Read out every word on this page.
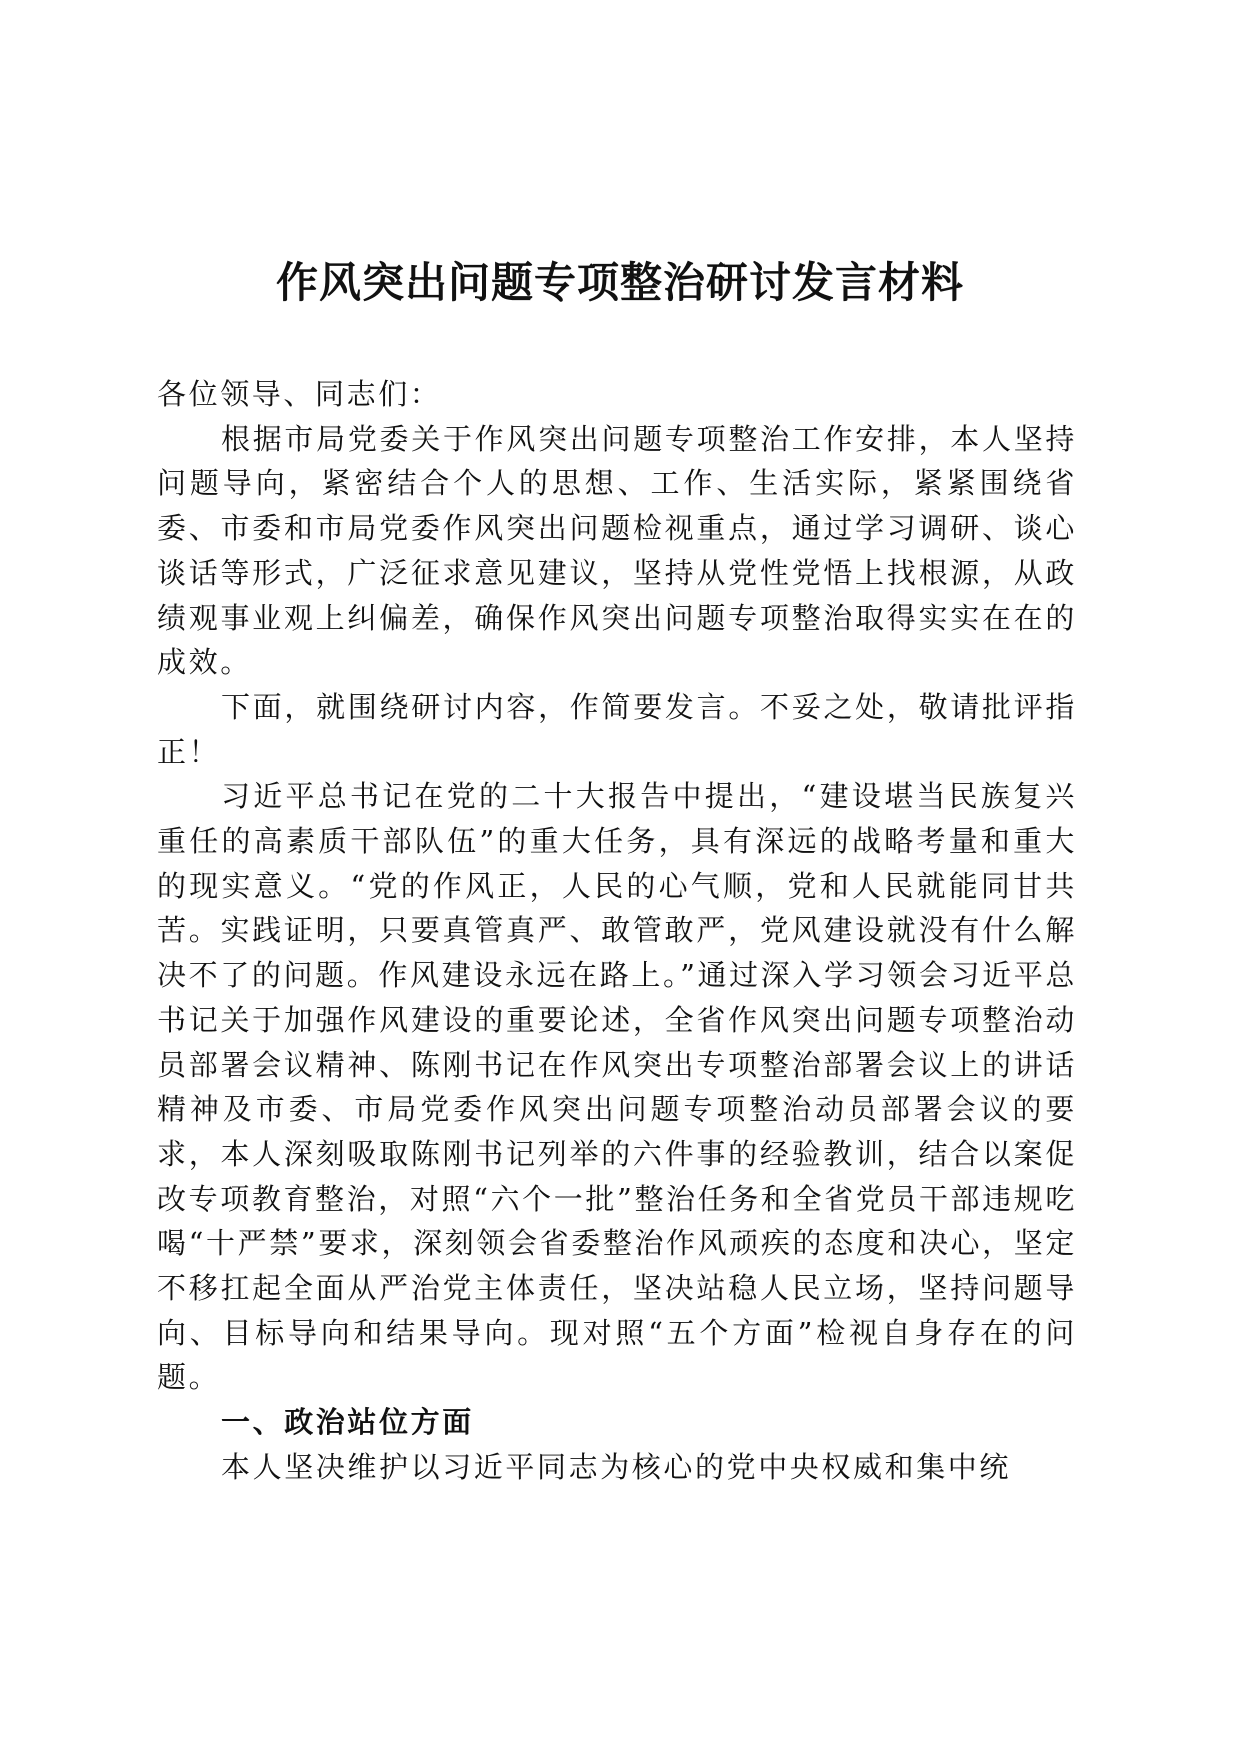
作风突出问题专项整治研讨发言材料

各位领导、同志们：

根据市局党委关于作风突出问题专项整治工作安排，本人坚持问题导向，紧密结合个人的思想、工作、生活实际，紧紧围绕省委、市委和市局党委作风突出问题检视重点，通过学习调研、谈心谈话等形式，广泛征求意见建议，坚持从党性党悟上找根源，从政绩观事业观上纠偏差，确保作风突出问题专项整治取得实实在在的成效。

下面，就围绕研讨内容，作简要发言。不妥之处，敬请批评指正！

习近平总书记在党的二十大报告中提出，“建设堪当民族复兴重任的高素质干部队伍”的重大任务，具有深远的战略考量和重大的现实意义。“党的作风正，人民的心气顺，党和人民就能同甘共苦。实践证明，只要真管真严、敢管敢严，党风建设就没有什么解决不了的问题。作风建设永远在路上。”通过深入学习领会习近平总书记关于加强作风建设的重要论述，全省作风突出问题专项整治动员部署会议精神、陈刚书记在作风突出专项整治部署会议上的讲话精神及市委、市局党委作风突出问题专项整治动员部署会议的要求，本人深刻吸取陈刚书记列举的六件事的经验教训，结合以案促改专项教育整治，对照“六个一批”整治任务和全省党员干部违规吃喝“十严禁”要求，深刻领会省委整治作风顽疾的态度和决心，坚定不移扛起全面从严治党主体责任，坚决站稳人民立场，坚持问题导向、目标导向和结果导向。现对照“五个方面”检视自身存在的问题。

一、政治站位方面

本人坚决维护以习近平同志为核心的党中央权威和集中统
